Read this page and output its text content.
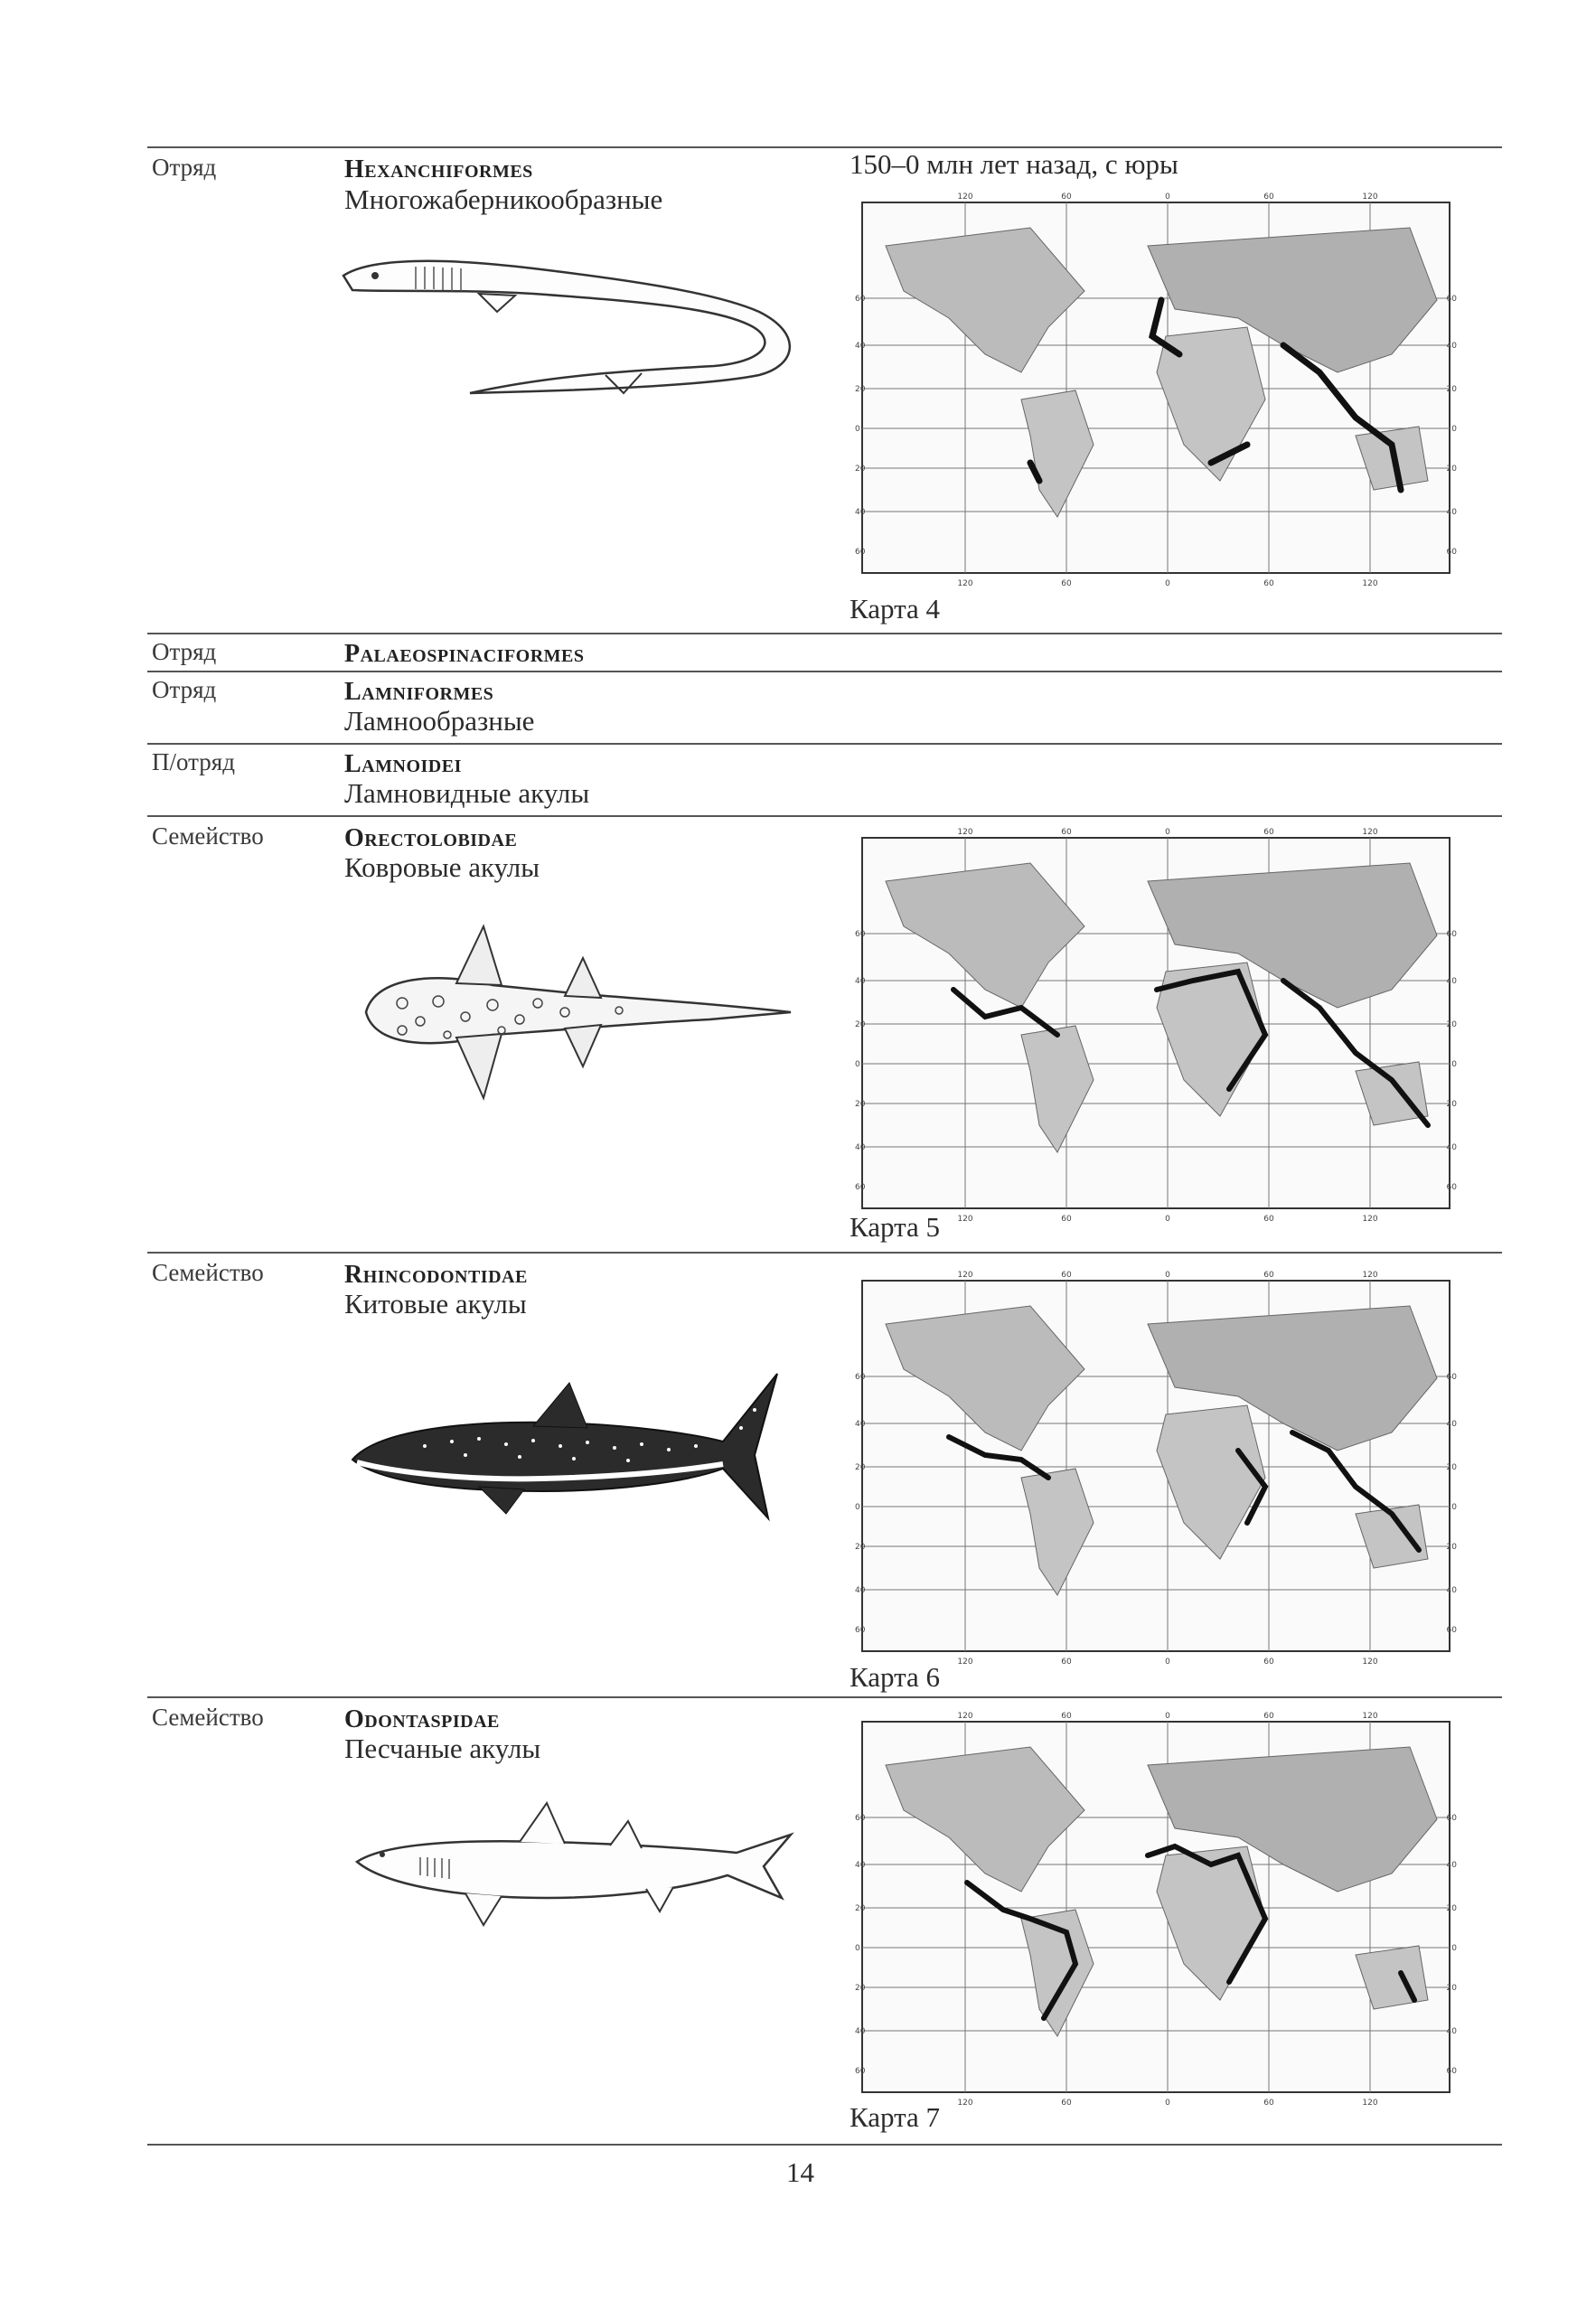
150–0 млн лет назад, с юры
Отряд	Hexanchiformes
Многожаберникообразные	120
120
60
60
0
0
60
60
120
120
60	60
40	40
20	20
0	0
20	20
40	40
60	60
Карта 4
Отряд	Palaeospinaciformes
Отряд	Lamniformes
Ламнообразные
П/отряд	Lamnoidei
Ламновидные акулы
Семейство	Orectolobidae
Ковровые акулы
120
120
60
60
0
0
60
60
120
120
60	60
40	40
20	20
0	0
20	20
40	40
60	60
Карта 5
Семейство	Rhincodontidae
Китовые акулы
120
120
60
60
0
0
60
60
120
120
60	60
40	40
20	20
0	0
20	20
40	40
60	60
Карта 6
Семейство	Odontaspidae
Песчаные акулы
120
120
60
60
0
0
60
60
120
120
60	60
40	40
20	20
0	0
20	20
40	40
60	60
Карта 7
14
